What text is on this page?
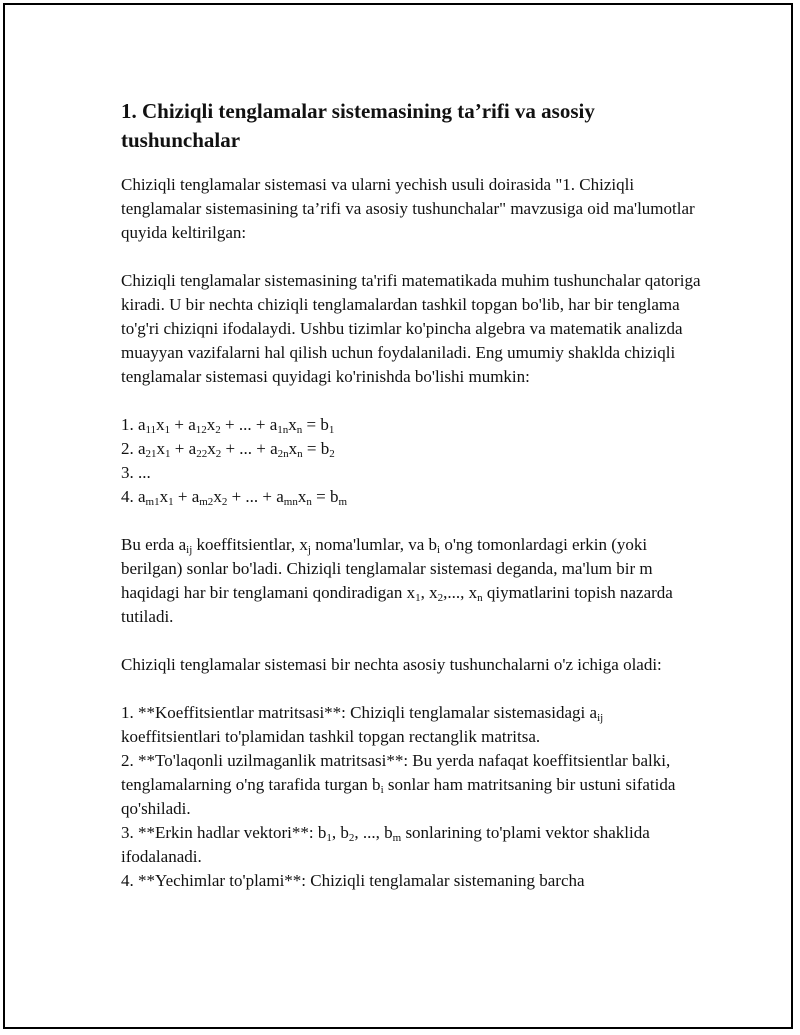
1. Chiziqli tenglamalar sistemasining ta’rifi va asosiy tushunchalar

Chiziqli tenglamalar sistemasi va ularni yechish usuli doirasida "1. Chiziqli tenglamalar sistemasining ta’rifi va asosiy tushunchalar" mavzusiga oid ma'lumotlar quyida keltirilgan:

Chiziqli tenglamalar sistemasining ta'rifi matematikada muhim tushunchalar qatoriga kiradi. U bir nechta chiziqli tenglamalardan tashkil topgan bo'lib, har bir tenglama to'g'ri chiziqni ifodalaydi. Ushbu tizimlar ko'pincha algebra va matematik analizda muayyan vazifalarni hal qilish uchun foydalaniladi. Eng umumiy shaklda chiziqli tenglamalar sistemasi quyidagi ko'rinishda bo'lishi mumkin:

1. $a_{11}x_1 + a_{12}x_2$ + ... + $a_{1n}x_n = b_1$
2. $a_{21}x_1 + a_{22}x_2$ + ... + $a_{2n}x_n = b_2$
3. ...
4. $a_{m1}x_1 + a_{m2}x_2$ + ... + $a_{mn}x_n = b_m$

Bu erda $a_{ij}$ koeffitsientlar, $x_j$ noma'lumlar, va $b_i$ o'ng tomonlardagi erkin (yoki berilgan) sonlar bo'ladi. Chiziqli tenglamalar sistemasi deganda, ma'lum bir m haqidagi har bir tenglamani qondiradigan $x_1$, $x_2$,..., $x_n$ qiymatlarini topish nazarda tutiladi.

Chiziqli tenglamalar sistemasi bir nechta asosiy tushunchalarni o'z ichiga oladi:

1. **Koeffitsientlar matritsasi**: Chiziqli tenglamalar sistemasidagi $a_{ij}$ koeffitsientlari to'plamidan tashkil topgan rectanglik matritsa.
2. **To'laqonli uzilmaganlik matritsasi**: Bu yerda nafaqat koeffitsientlar balki, tenglamalarning o'ng tarafida turgan $b_i$ sonlar ham matritsaning bir ustuni sifatida qo'shiladi.
3. **Erkin hadlar vektori**: $b_1$, $b_2$, ..., $b_m$ sonlarining to'plami vektor shaklida ifodalanadi.
4. **Yechimlar to'plami**: Chiziqli tenglamalar sistemaning barcha
